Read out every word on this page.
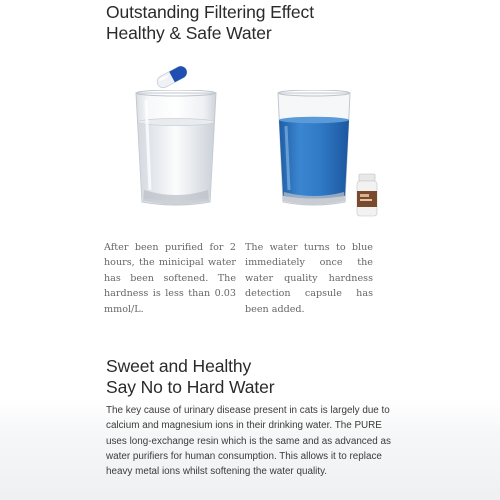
Outstanding Filtering Effect
Healthy & Safe Water

After been purified for 2 hours, the minicipal water has been softened. The hardness is less than 0.03 mmol/L.

The water turns to blue immediately once the water quality hardness detection capsule has been added.

Sweet and Healthy
Say No to Hard Water

The key cause of urinary disease present in cats is largely due to calcium and magnesium ions in their drinking water. The PURE uses long-exchange resin which is the same and as advanced as water purifiers for human consumption. This allows it to replace heavy metal ions whilst softening the water quality.
